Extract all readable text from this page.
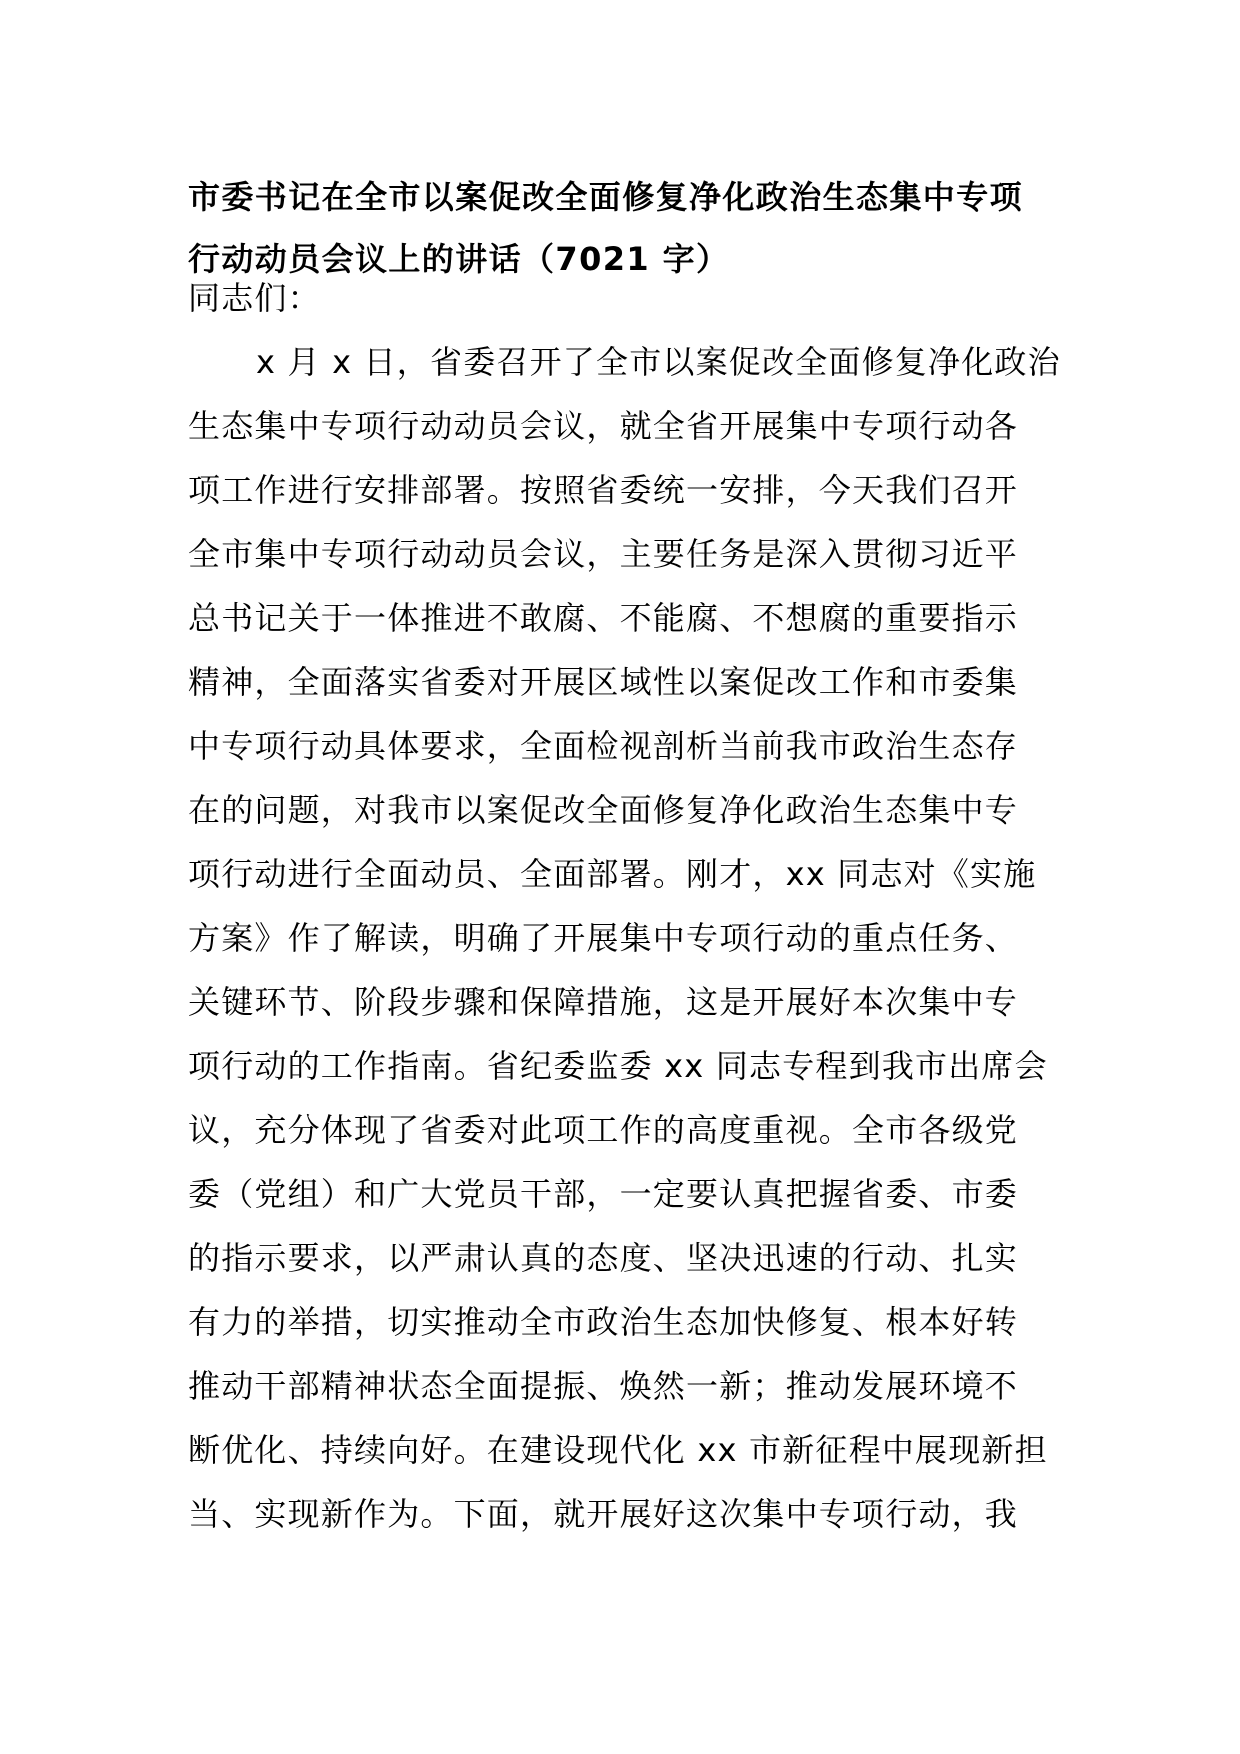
市委书记在全市以案促改全面修复净化政治生态集中专项
行动动员会议上的讲话（7021 字）
同志们：
x 月 x 日，省委召开了全市以案促改全面修复净化政治
生态集中专项行动动员会议，就全省开展集中专项行动各
项工作进行安排部署。按照省委统一安排，今天我们召开
全市集中专项行动动员会议，主要任务是深入贯彻习近平
总书记关于一体推进不敢腐、不能腐、不想腐的重要指示
精神，全面落实省委对开展区域性以案促改工作和市委集
中专项行动具体要求，全面检视剖析当前我市政治生态存
在的问题，对我市以案促改全面修复净化政治生态集中专
项行动进行全面动员、全面部署。刚才，xx 同志对《实施
方案》作了解读，明确了开展集中专项行动的重点任务、
关键环节、阶段步骤和保障措施，这是开展好本次集中专
项行动的工作指南。省纪委监委 xx 同志专程到我市出席会
议，充分体现了省委对此项工作的高度重视。全市各级党
委（党组）和广大党员干部，一定要认真把握省委、市委
的指示要求，以严肃认真的态度、坚决迅速的行动、扎实
有力的举措，切实推动全市政治生态加快修复、根本好转
推动干部精神状态全面提振、焕然一新；推动发展环境不
断优化、持续向好。在建设现代化 xx 市新征程中展现新担
当、实现新作为。下面，就开展好这次集中专项行动，我
